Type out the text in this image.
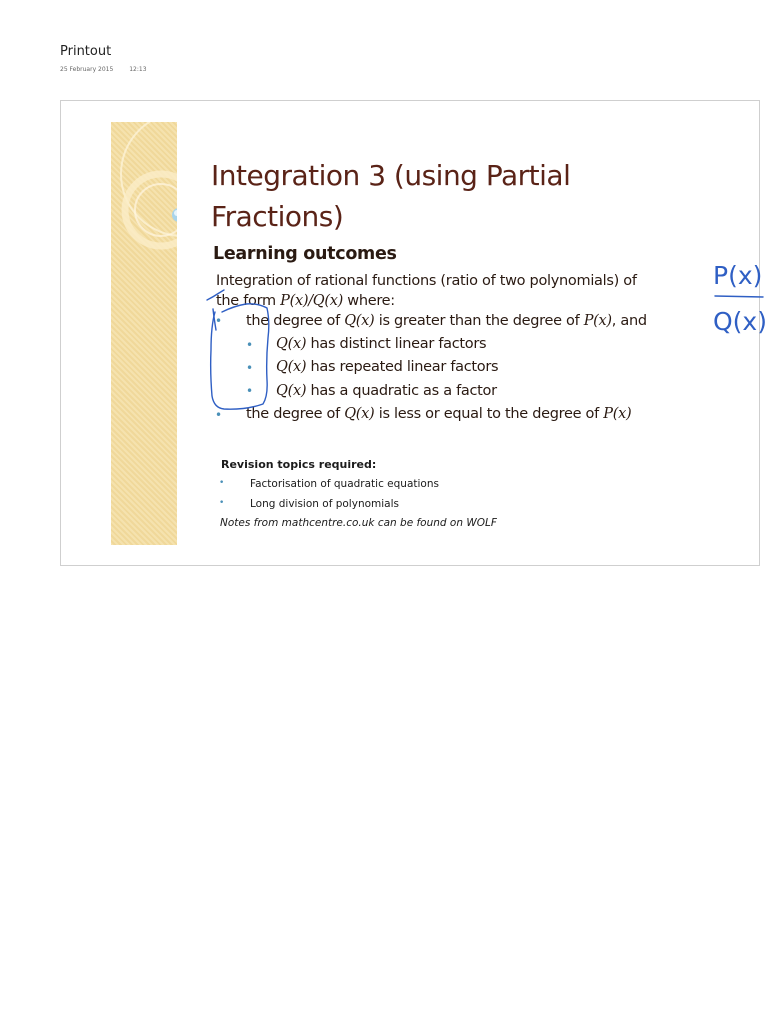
Printout
25 February 2015	12:13
Integration 3 (using Partial
Fractions)
Learning outcomes
Integration of rational functions (ratio of two polynomials) of
the form P(x)/Q(x) where:
• the degree of Q(x) is greater than the degree of P(x), and
• Q(x) has distinct linear factors
• Q(x) has repeated linear factors
• Q(x) has a quadratic as a factor
• the degree of Q(x) is less or equal to the degree of P(x)
Revision topics required:
• Factorisation of quadratic equations
• Long division of polynomials
Notes from mathcentre.co.uk can be found on WOLF
P(x)
Q(x)
